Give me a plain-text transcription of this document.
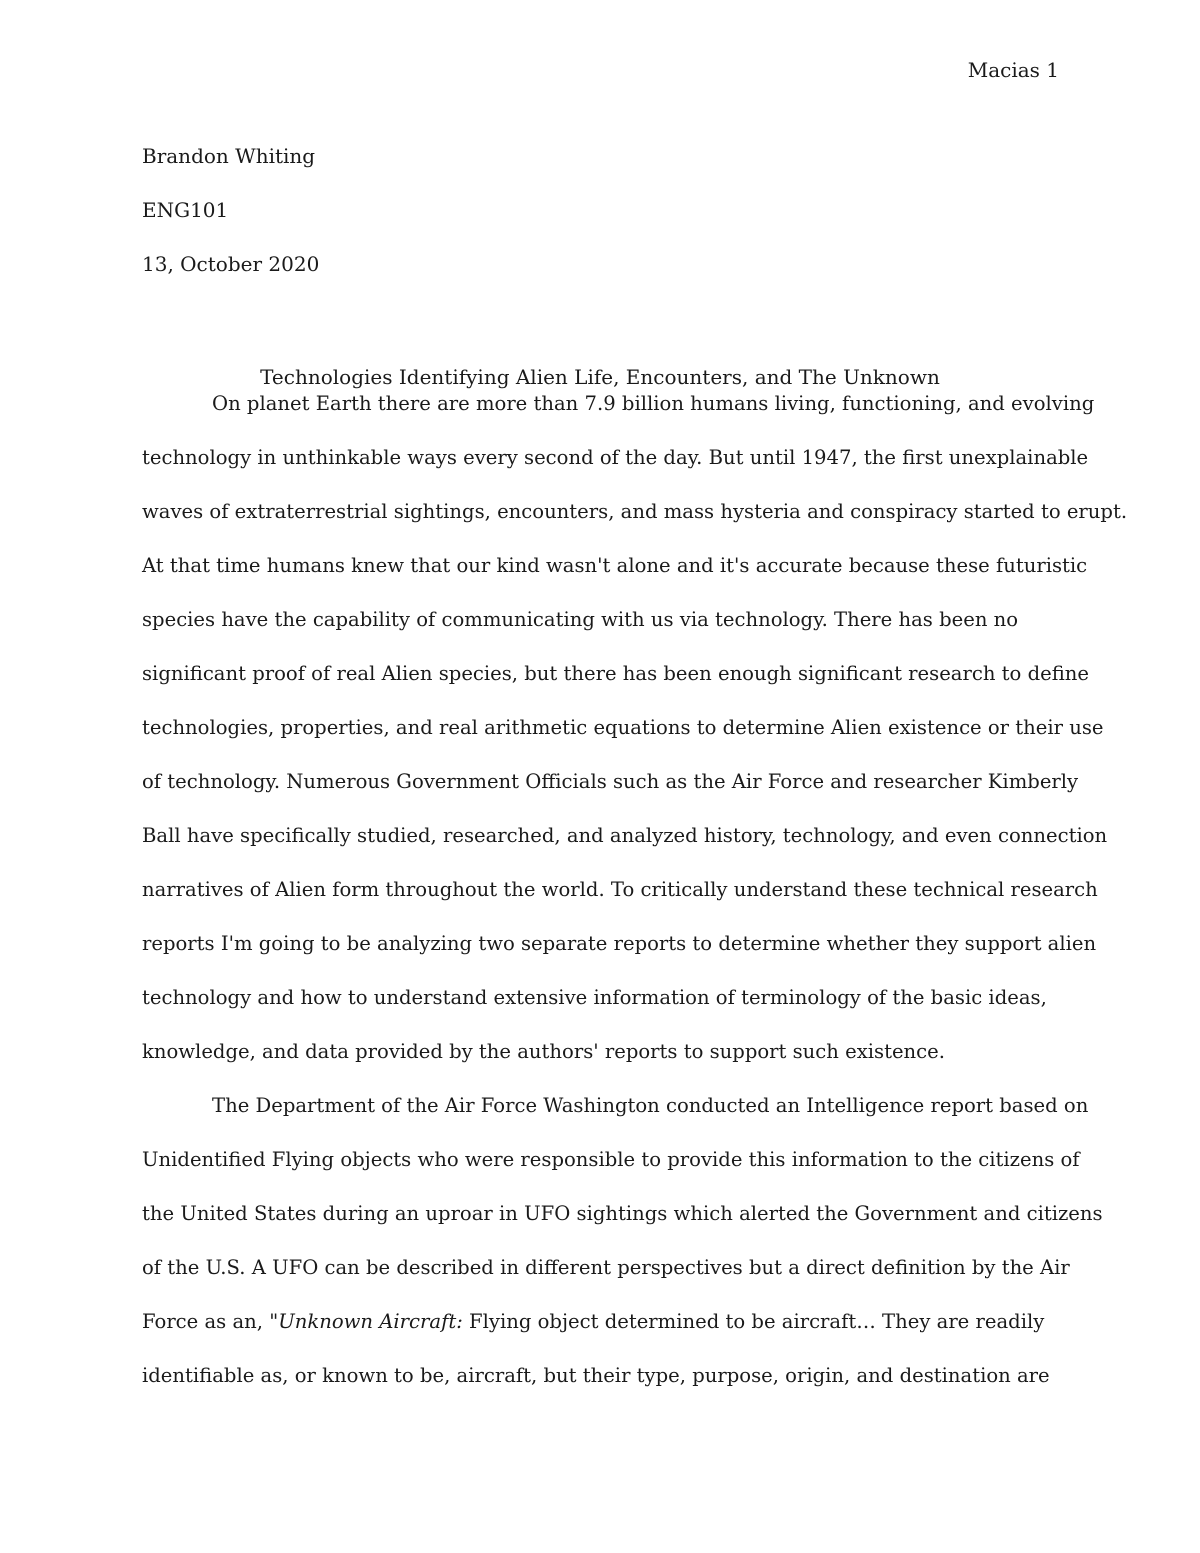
Macias 1
Brandon Whiting
ENG101
13, October 2020
Technologies Identifying Alien Life, Encounters, and The Unknown
On planet Earth there are more than 7.9 billion humans living, functioning, and evolving
technology in unthinkable ways every second of the day. But until 1947, the first unexplainable
waves of extraterrestrial sightings, encounters, and mass hysteria and conspiracy started to erupt.
At that time humans knew that our kind wasn't alone and it's accurate because these futuristic
species have the capability of communicating with us via technology. There has been no
significant proof of real Alien species, but there has been enough significant research to define
technologies, properties, and real arithmetic equations to determine Alien existence or their use
of technology. Numerous Government Officials such as the Air Force and researcher Kimberly
Ball have specifically studied, researched, and analyzed history, technology, and even connection
narratives of Alien form throughout the world. To critically understand these technical research
reports I'm going to be analyzing two separate reports to determine whether they support alien
technology and how to understand extensive information of terminology of the basic ideas,
knowledge, and data provided by the authors' reports to support such existence.
The Department of the Air Force Washington conducted an Intelligence report based on
Unidentified Flying objects who were responsible to provide this information to the citizens of
the United States during an uproar in UFO sightings which alerted the Government and citizens
of the U.S. A UFO can be described in different perspectives but a direct definition by the Air
Force as an, "Unknown Aircraft: Flying object determined to be aircraft… They are readily
identifiable as, or known to be, aircraft, but their type, purpose, origin, and destination are
